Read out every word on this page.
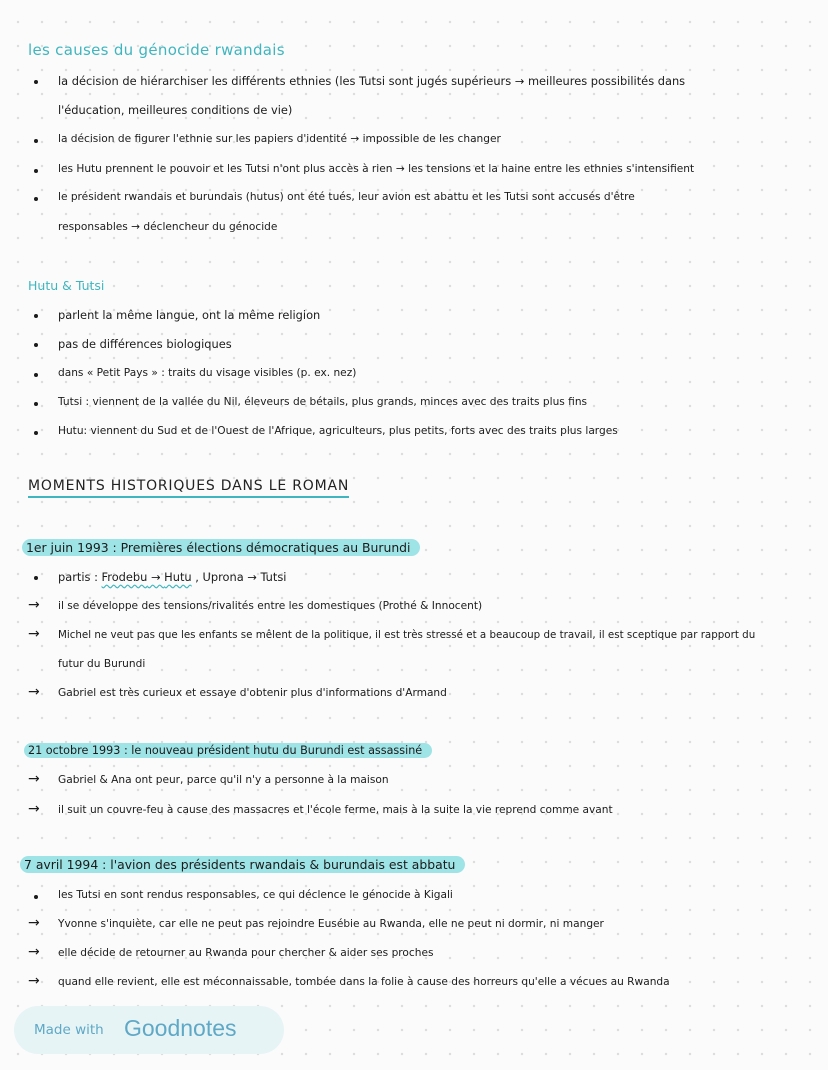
les causes du génocide rwandais
la décision de hiérarchiser les différents ethnies (les Tutsi sont jugés supérieurs → meilleures possibilités dans
l'éducation, meilleures conditions de vie)
la décision de figurer l'ethnie sur les papiers d'identité → impossible de les changer
les Hutu prennent le pouvoir et les Tutsi n'ont plus accès à rien → les tensions et la haine entre les ethnies s'intensifient
le président rwandais et burundais (hutus) ont été tués, leur avion est abattu et les Tutsi sont accusés d'être
responsables → déclencheur du génocide
Hutu & Tutsi
parlent la même langue, ont la même religion
pas de différences biologiques
dans « Petit Pays » : traits du visage visibles (p. ex. nez)
Tutsi : viennent de la vallée du Nil, éleveurs de bétails, plus grands, minces avec des traits plus fins
Hutu: viennent du Sud et de l'Ouest de l'Afrique, agriculteurs, plus petits, forts avec des traits plus larges
MOMENTS HISTORIQUES DANS LE ROMAN
1er juin 1993 : Premières élections démocratiques au Burundi
partis : Frodebu → Hutu , Uprona → Tutsi
→ il se développe des tensions/rivalités entre les domestiques (Prothé & Innocent)
→ Michel ne veut pas que les enfants se mêlent de la politique, il est très stressé et a beaucoup de travail, il est sceptique par rapport du
futur du Burundi
→ Gabriel est très curieux et essaye d'obtenir plus d'informations d'Armand
21 octobre 1993 : le nouveau président hutu du Burundi est assassiné
→ Gabriel & Ana ont peur, parce qu'il n'y a personne à la maison
→ il suit un couvre-feu à cause des massacres et l'école ferme, mais à la suite la vie reprend comme avant
7 avril 1994 : l'avion des présidents rwandais & burundais est abbatu
les Tutsi en sont rendus responsables, ce qui déclence le génocide à Kigali
→ Yvonne s'inquiète, car elle ne peut pas rejoindre Eusébie au Rwanda, elle ne peut ni dormir, ni manger
→ elle décide de retourner au Rwanda pour chercher & aider ses proches
→ quand elle revient, elle est méconnaissable, tombée dans la folie à cause des horreurs qu'elle a vécues au Rwanda
Made with Goodnotes
